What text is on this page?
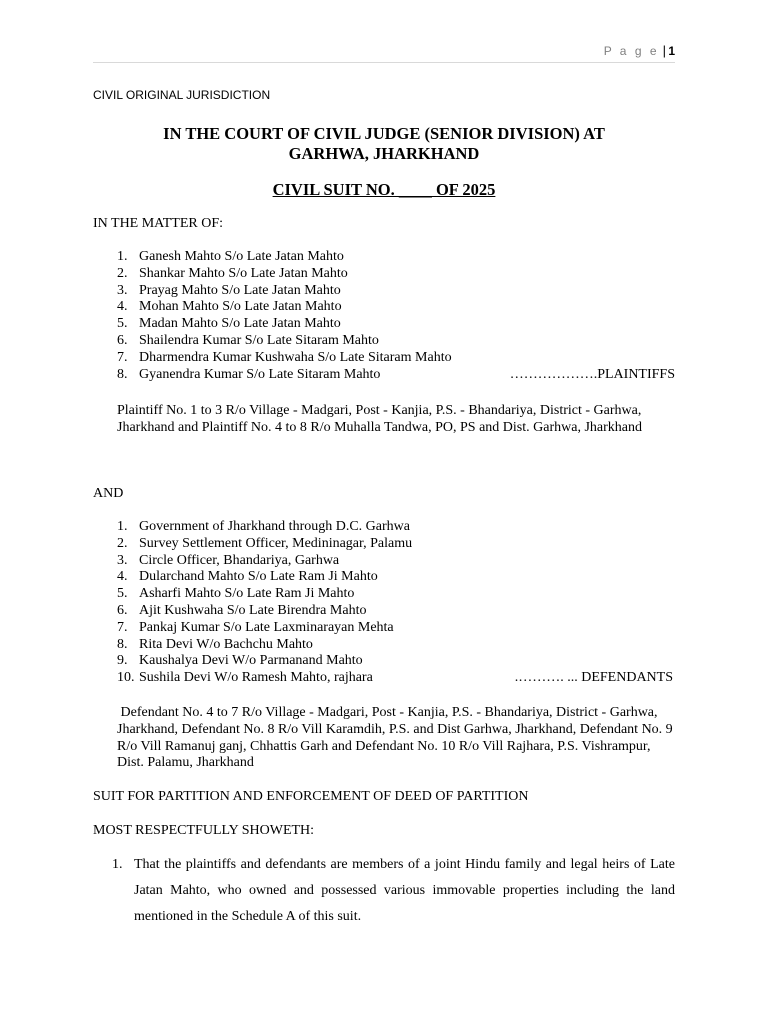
P a g e | 1
CIVIL ORIGINAL JURISDICTION
IN THE COURT OF CIVIL JUDGE (SENIOR DIVISION) AT GARHWA, JHARKHAND
CIVIL SUIT NO. ____ OF 2025
IN THE MATTER OF:
1. Ganesh Mahto S/o Late Jatan Mahto
2. Shankar Mahto S/o Late Jatan Mahto
3. Prayag Mahto S/o Late Jatan Mahto
4. Mohan Mahto S/o Late Jatan Mahto
5. Madan Mahto S/o Late Jatan Mahto
6. Shailendra Kumar S/o Late Sitaram Mahto
7. Dharmendra Kumar Kushwaha S/o Late Sitaram Mahto
8. Gyanendra Kumar S/o Late Sitaram Mahto	……………….PLAINTIFFS
Plaintiff No. 1 to 3 R/o Village - Madgari, Post - Kanjia, P.S. - Bhandariya, District - Garhwa, Jharkhand and Plaintiff No. 4 to 8 R/o Muhalla Tandwa, PO, PS and Dist. Garhwa, Jharkhand
AND
1. Government of Jharkhand through D.C. Garhwa
2. Survey Settlement Officer, Medininagar, Palamu
3. Circle Officer, Bhandariya, Garhwa
4. Dularchand Mahto S/o Late Ram Ji Mahto
5. Asharfi Mahto S/o Late Ram Ji Mahto
6. Ajit Kushwaha S/o Late Birendra Mahto
7. Pankaj Kumar S/o Late Laxminarayan Mehta
8. Rita Devi W/o Bachchu Mahto
9. Kaushalya Devi W/o Parmanand Mahto
10. Sushila Devi W/o Ramesh Mahto, rajhara	.………. ... DEFENDANTS
Defendant No. 4 to 7 R/o Village - Madgari, Post - Kanjia, P.S. - Bhandariya, District - Garhwa, Jharkhand, Defendant No. 8 R/o Vill Karamdih, P.S. and Dist Garhwa, Jharkhand, Defendant No. 9 R/o Vill Ramanuj ganj, Chhattis Garh and Defendant No. 10 R/o Vill Rajhara, P.S. Vishrampur, Dist. Palamu, Jharkhand
SUIT FOR PARTITION AND ENFORCEMENT OF DEED OF PARTITION
MOST RESPECTFULLY SHOWETH:
1. That the plaintiffs and defendants are members of a joint Hindu family and legal heirs of Late Jatan Mahto, who owned and possessed various immovable properties including the land mentioned in the Schedule A of this suit.
